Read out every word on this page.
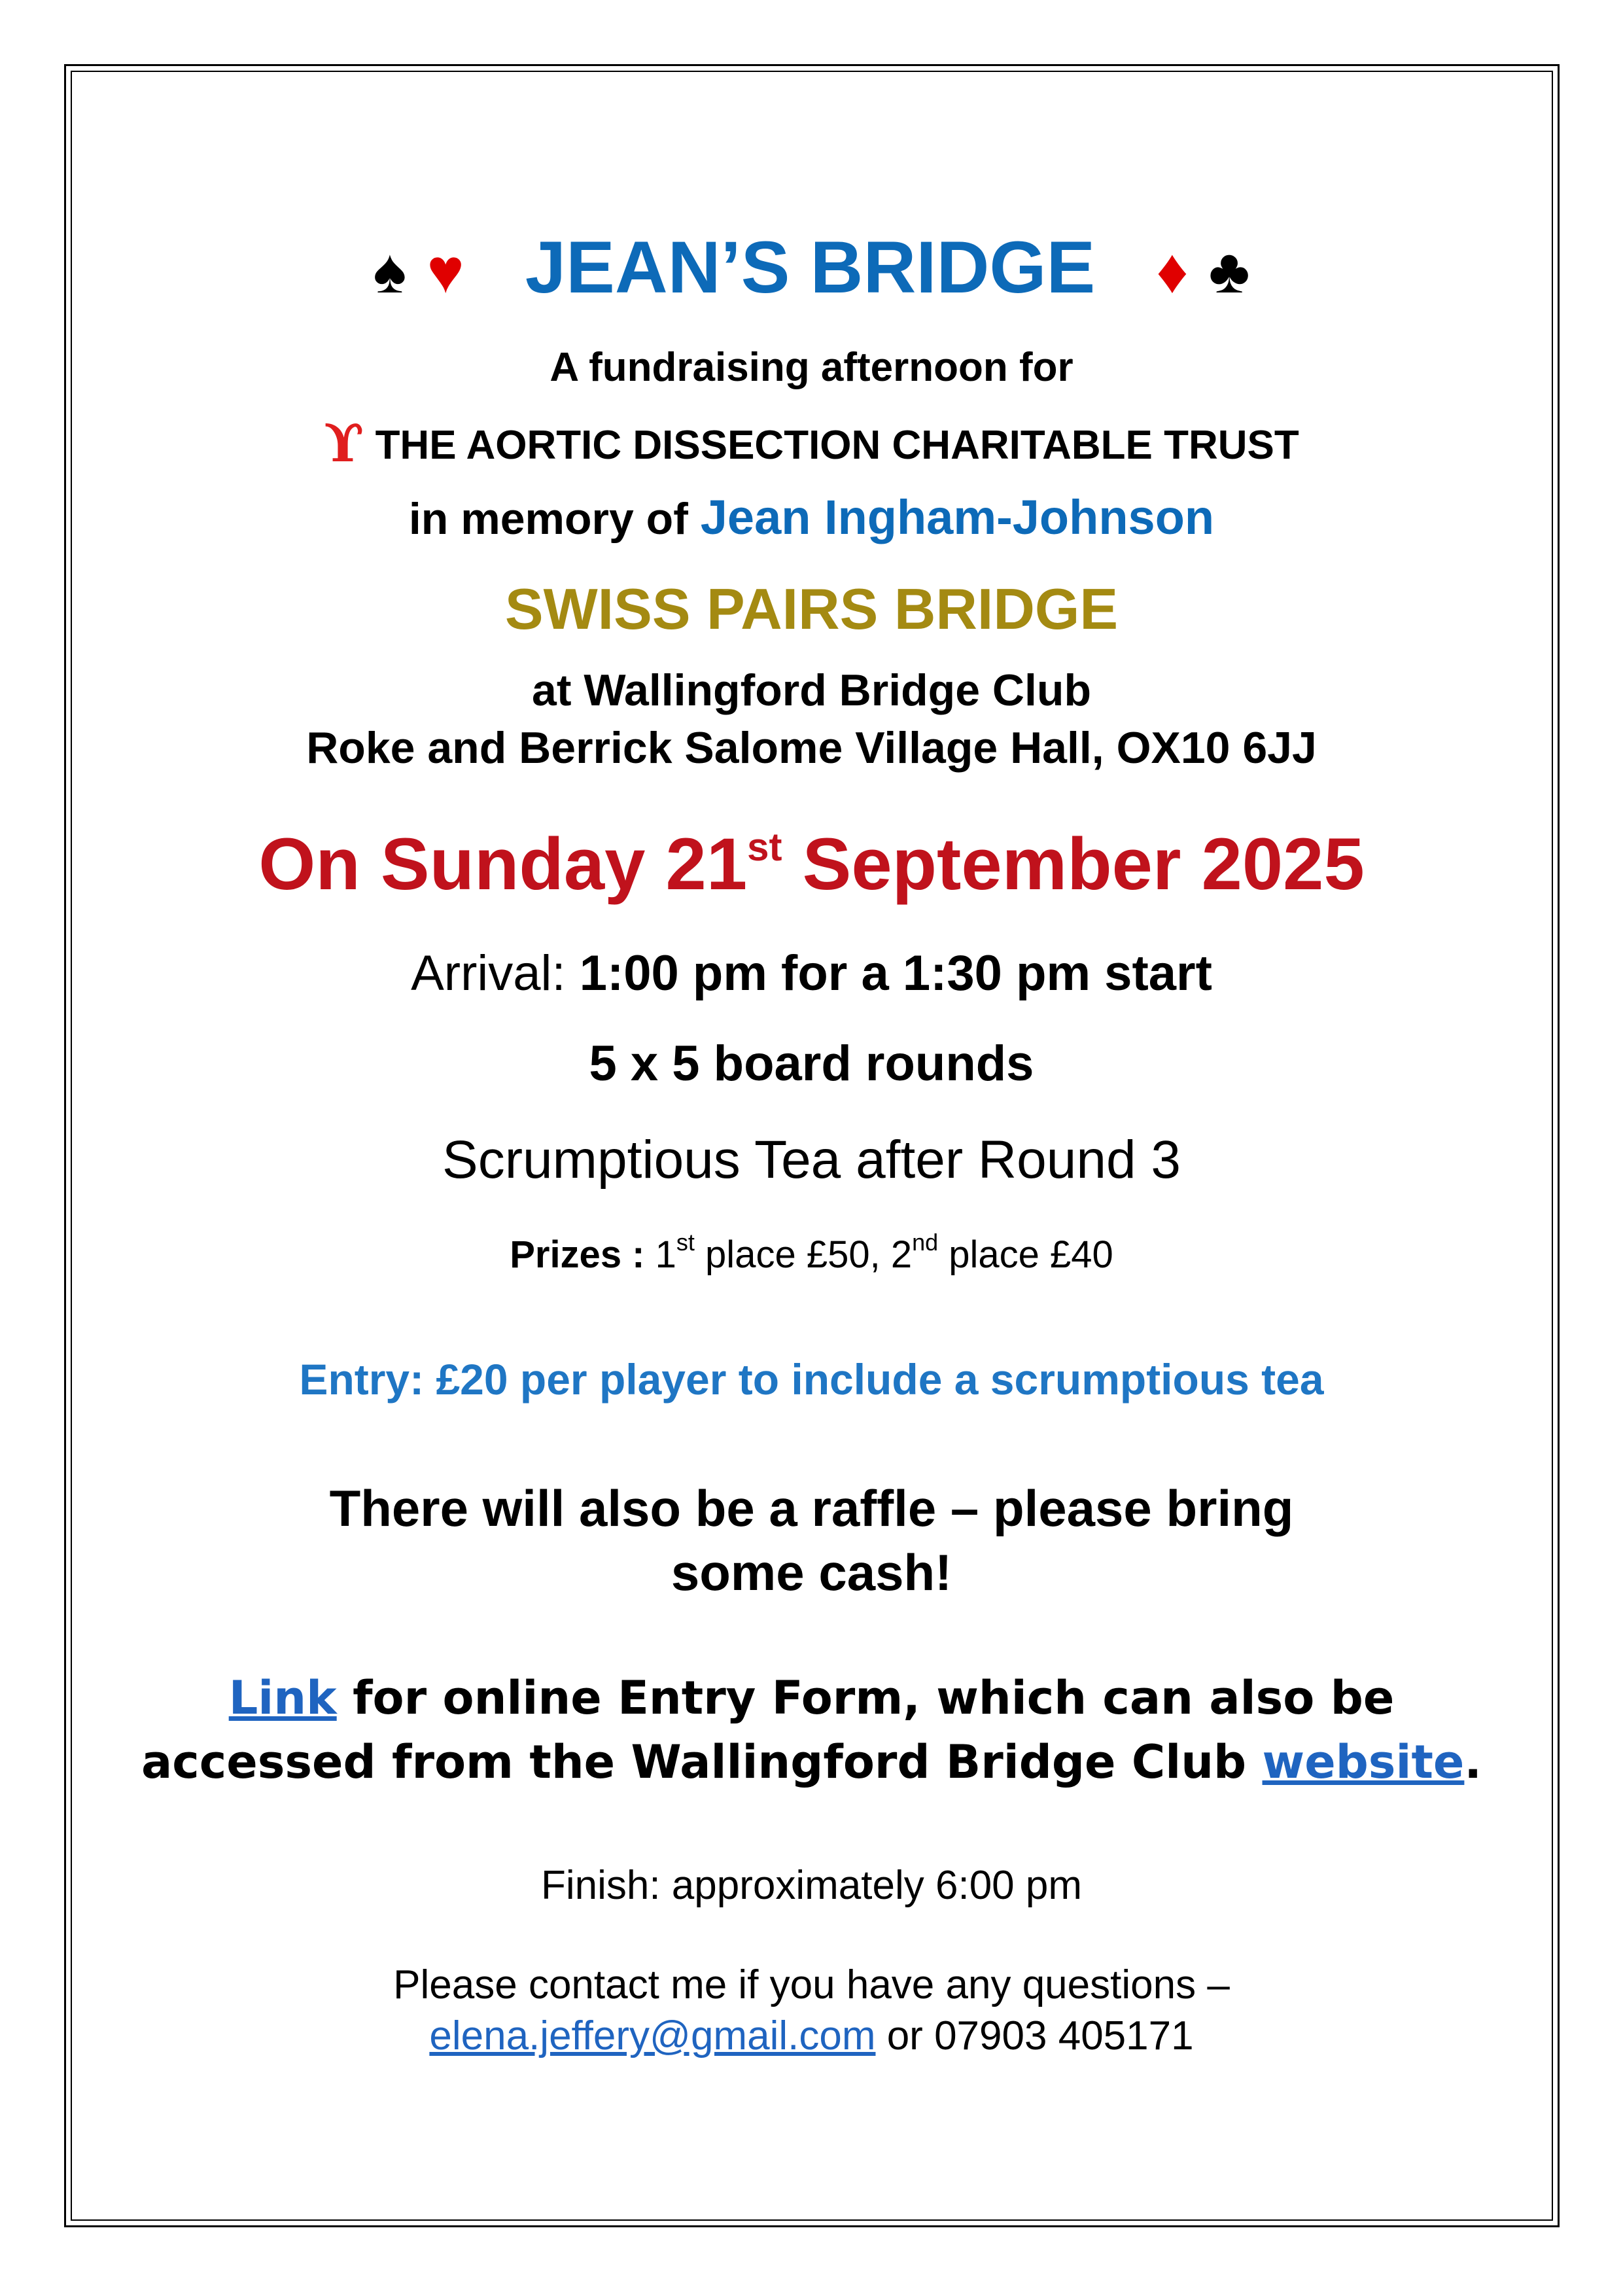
♠ ♥ JEAN’S BRIDGE ♦ ♣
A fundraising afternoon for
ϒ THE AORTIC DISSECTION CHARITABLE TRUST
in memory of Jean Ingham-Johnson
SWISS PAIRS BRIDGE
at Wallingford Bridge Club
Roke and Berrick Salome Village Hall, OX10 6JJ
On Sunday 21st September 2025
Arrival: 1:00 pm for a 1:30 pm start
5 x 5 board rounds
Scrumptious Tea after Round 3
Prizes : 1st place £50, 2nd place £40
Entry: £20 per player to include a scrumptious tea
There will also be a raffle – please bring
some cash!
Link for online Entry Form, which can also be
accessed from the Wallingford Bridge Club website.
Finish: approximately 6:00 pm
Please contact me if you have any questions –
elena.jeffery@gmail.com or 07903 405171
